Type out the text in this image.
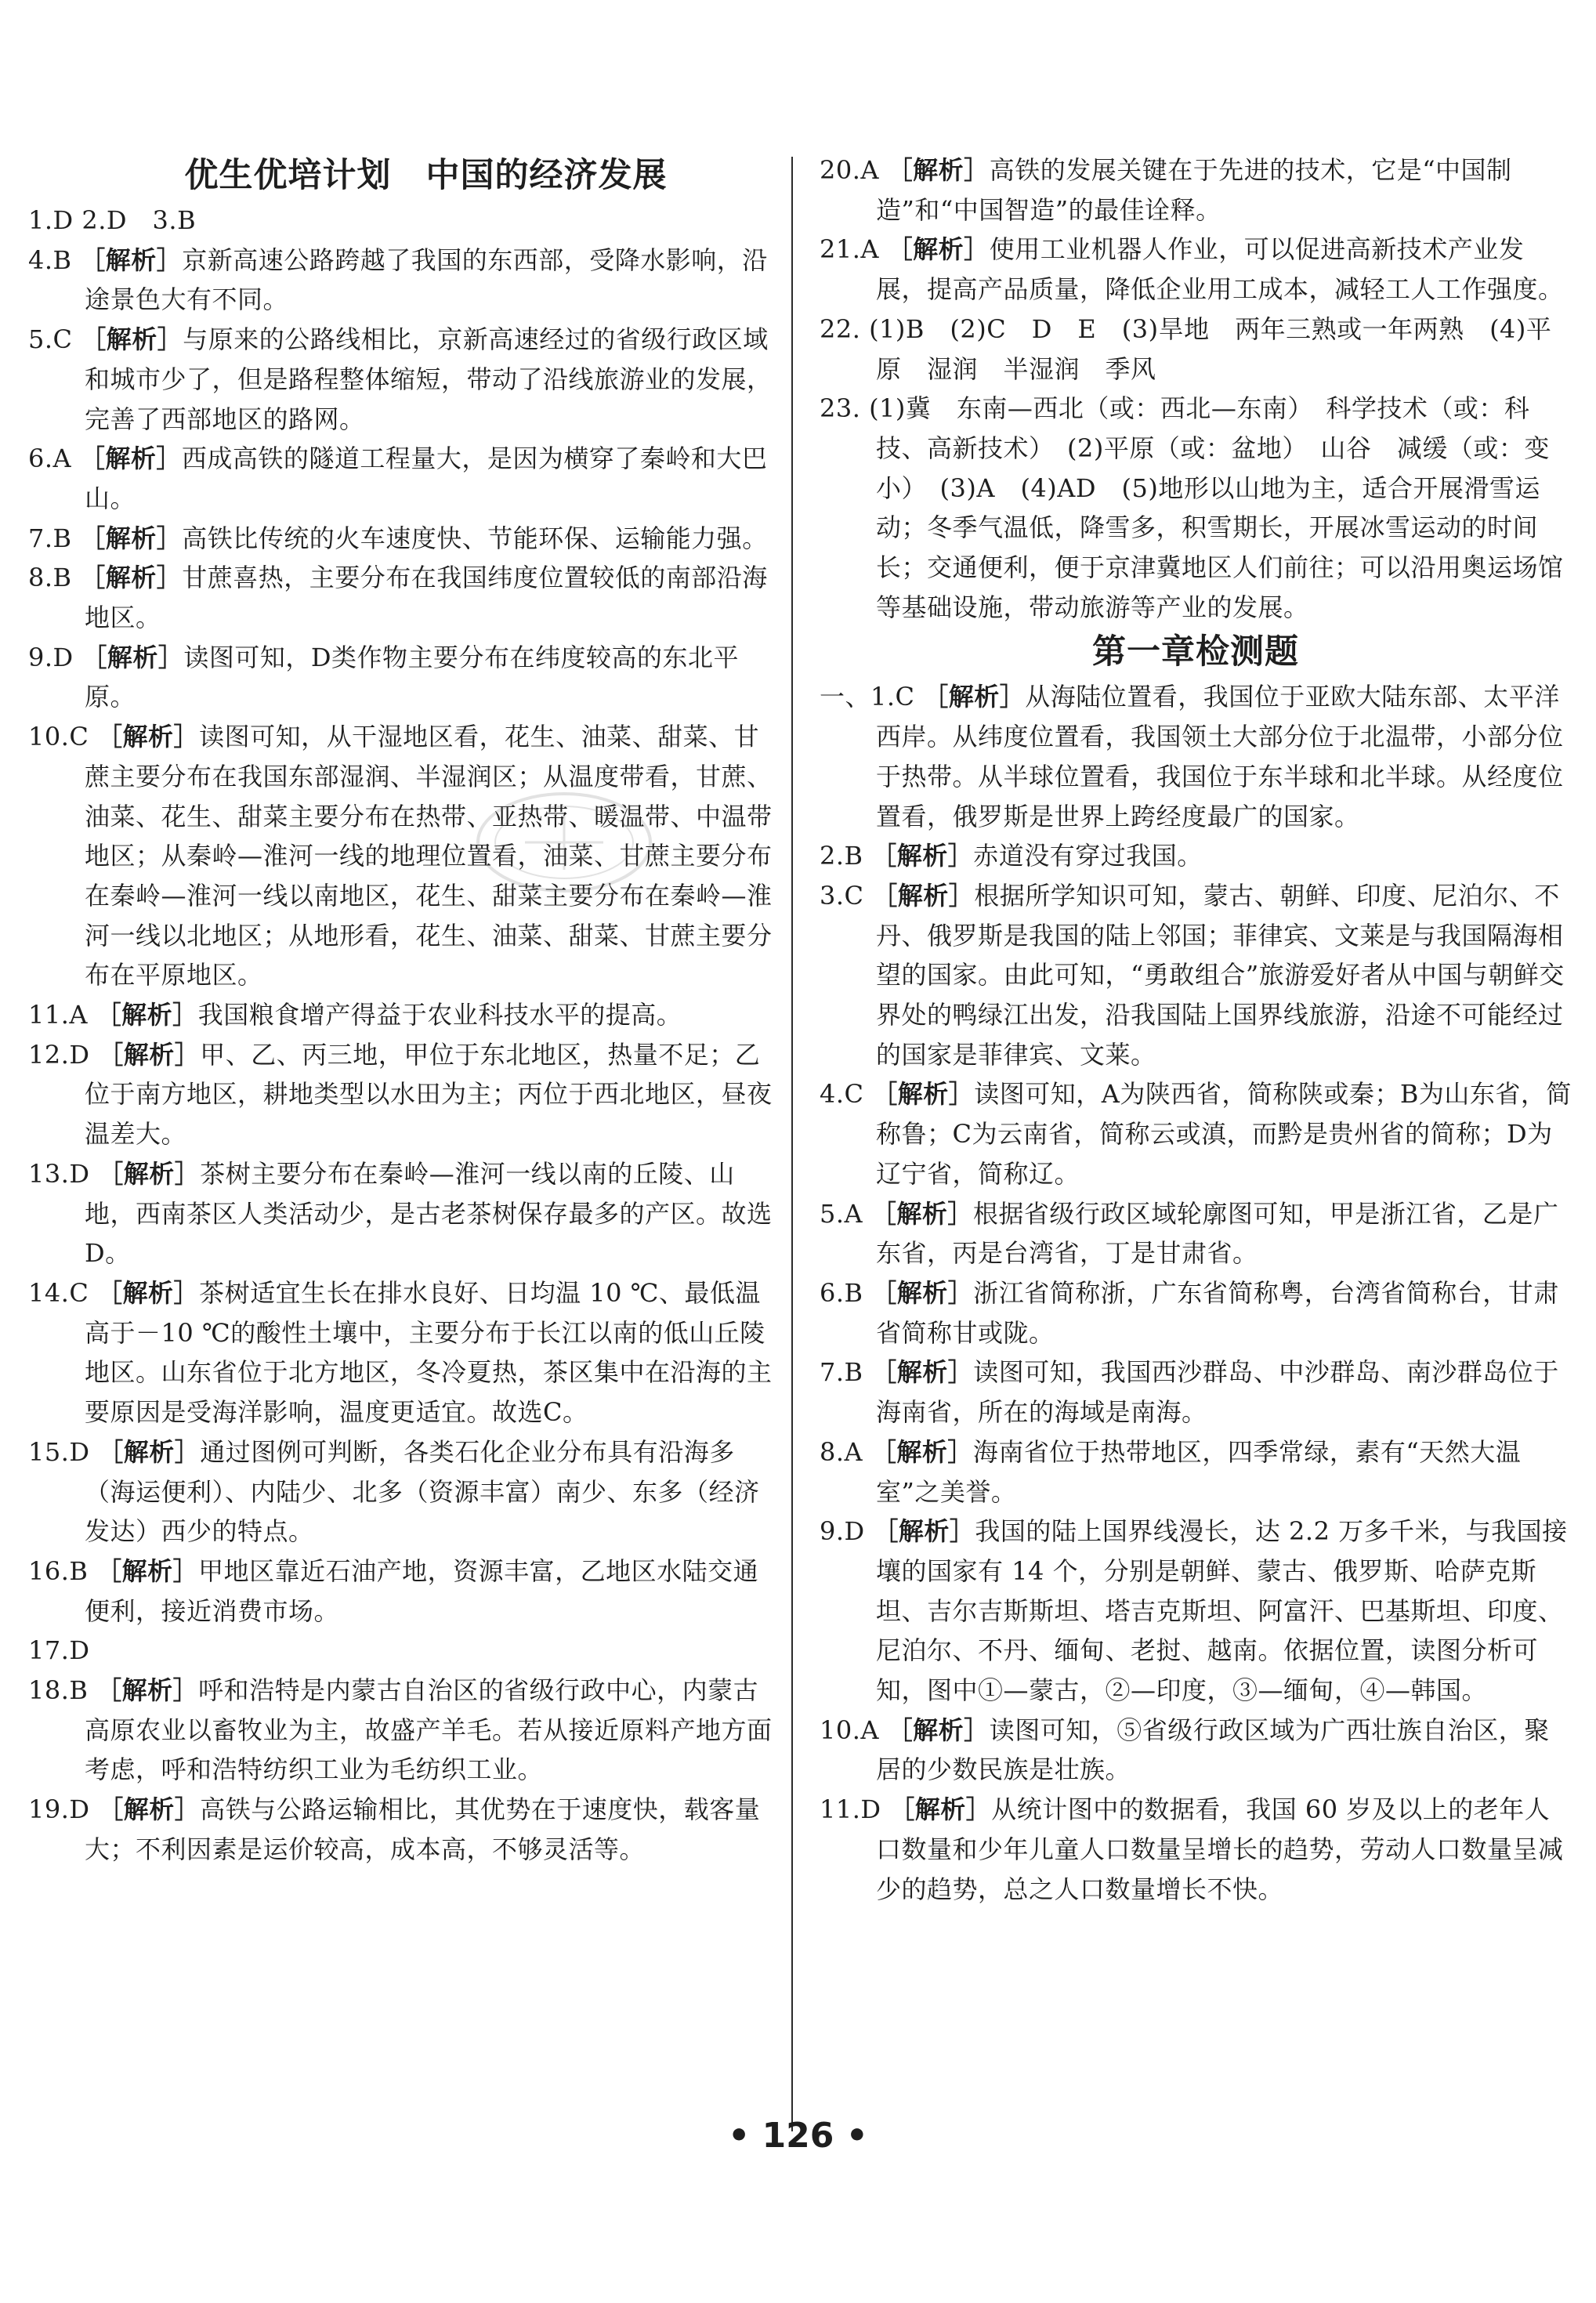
优生优培计划　中国的经济发展

1.D 2.D　3.B

4.B ［解析］京新高速公路跨越了我国的东西部，受降水影响，沿途景色大有不同。

5.C ［解析］与原来的公路线相比，京新高速经过的省级行政区域和城市少了，但是路程整体缩短，带动了沿线旅游业的发展，完善了西部地区的路网。

6.A ［解析］西成高铁的隧道工程量大，是因为横穿了秦岭和大巴山。

7.B ［解析］高铁比传统的火车速度快、节能环保、运输能力强。

8.B ［解析］甘蔗喜热，主要分布在我国纬度位置较低的南部沿海地区。

9.D ［解析］读图可知，D类作物主要分布在纬度较高的东北平原。

10.C ［解析］读图可知，从干湿地区看，花生、油菜、甜菜、甘蔗主要分布在我国东部湿润、半湿润区；从温度带看，甘蔗、油菜、花生、甜菜主要分布在热带、亚热带、暖温带、中温带地区；从秦岭—淮河一线的地理位置看，油菜、甘蔗主要分布在秦岭—淮河一线以南地区，花生、甜菜主要分布在秦岭—淮河一线以北地区；从地形看，花生、油菜、甜菜、甘蔗主要分布在平原地区。

11.A ［解析］我国粮食增产得益于农业科技水平的提高。

12.D ［解析］甲、乙、丙三地，甲位于东北地区，热量不足；乙位于南方地区，耕地类型以水田为主；丙位于西北地区，昼夜温差大。

13.D ［解析］茶树主要分布在秦岭—淮河一线以南的丘陵、山地，西南茶区人类活动少，是古老茶树保存最多的产区。故选D。

14.C ［解析］茶树适宜生长在排水良好、日均温 10 ℃、最低温高于－10 ℃的酸性土壤中，主要分布于长江以南的低山丘陵地区。山东省位于北方地区，冬冷夏热，茶区集中在沿海的主要原因是受海洋影响，温度更适宜。故选C。

15.D ［解析］通过图例可判断，各类石化企业分布具有沿海多（海运便利）、内陆少、北多（资源丰富）南少、东多（经济发达）西少的特点。

16.B ［解析］甲地区靠近石油产地，资源丰富，乙地区水陆交通便利，接近消费市场。

17.D

18.B ［解析］呼和浩特是内蒙古自治区的省级行政中心，内蒙古高原农业以畜牧业为主，故盛产羊毛。若从接近原料产地方面考虑，呼和浩特纺织工业为毛纺织工业。

19.D ［解析］高铁与公路运输相比，其优势在于速度快，载客量大；不利因素是运价较高，成本高，不够灵活等。

20.A ［解析］高铁的发展关键在于先进的技术，它是“中国制造”和“中国智造”的最佳诠释。

21.A ［解析］使用工业机器人作业，可以促进高新技术产业发展，提高产品质量，降低企业用工成本，减轻工人工作强度。

22. (1)B　(2)C　D　E　(3)旱地　两年三熟或一年两熟　(4)平原　湿润　半湿润　季风

23. (1)冀　东南—西北（或：西北—东南）　科学技术（或：科技、高新技术）　(2)平原（或：盆地）　山谷　减缓（或：变小）　(3)A　(4)AD　(5)地形以山地为主，适合开展滑雪运动；冬季气温低，降雪多，积雪期长，开展冰雪运动的时间长；交通便利，便于京津冀地区人们前往；可以沿用奥运场馆等基础设施，带动旅游等产业的发展。

第一章检测题

一、1.C ［解析］从海陆位置看，我国位于亚欧大陆东部、太平洋西岸。从纬度位置看，我国领土大部分位于北温带，小部分位于热带。从半球位置看，我国位于东半球和北半球。从经度位置看，俄罗斯是世界上跨经度最广的国家。

2.B ［解析］赤道没有穿过我国。

3.C ［解析］根据所学知识可知，蒙古、朝鲜、印度、尼泊尔、不丹、俄罗斯是我国的陆上邻国；菲律宾、文莱是与我国隔海相望的国家。由此可知，“勇敢组合”旅游爱好者从中国与朝鲜交界处的鸭绿江出发，沿我国陆上国界线旅游，沿途不可能经过的国家是菲律宾、文莱。

4.C ［解析］读图可知，A为陕西省，简称陕或秦；B为山东省，简称鲁；C为云南省，简称云或滇，而黔是贵州省的简称；D为辽宁省，简称辽。

5.A ［解析］根据省级行政区域轮廓图可知，甲是浙江省，乙是广东省，丙是台湾省，丁是甘肃省。

6.B ［解析］浙江省简称浙，广东省简称粤，台湾省简称台，甘肃省简称甘或陇。

7.B ［解析］读图可知，我国西沙群岛、中沙群岛、南沙群岛位于海南省，所在的海域是南海。

8.A ［解析］海南省位于热带地区，四季常绿，素有“天然大温室”之美誉。

9.D ［解析］我国的陆上国界线漫长，达 2.2 万多千米，与我国接壤的国家有 14 个，分别是朝鲜、蒙古、俄罗斯、哈萨克斯坦、吉尔吉斯斯坦、塔吉克斯坦、阿富汗、巴基斯坦、印度、尼泊尔、不丹、缅甸、老挝、越南。依据位置，读图分析可知，图中①—蒙古，②—印度，③—缅甸，④—韩国。

10.A ［解析］读图可知，⑤省级行政区域为广西壮族自治区，聚居的少数民族是壮族。

11.D ［解析］从统计图中的数据看，我国 60 岁及以上的老年人口数量和少年儿童人口数量呈增长的趋势，劳动人口数量呈减少的趋势，总之人口数量增长不快。

• 126 •
